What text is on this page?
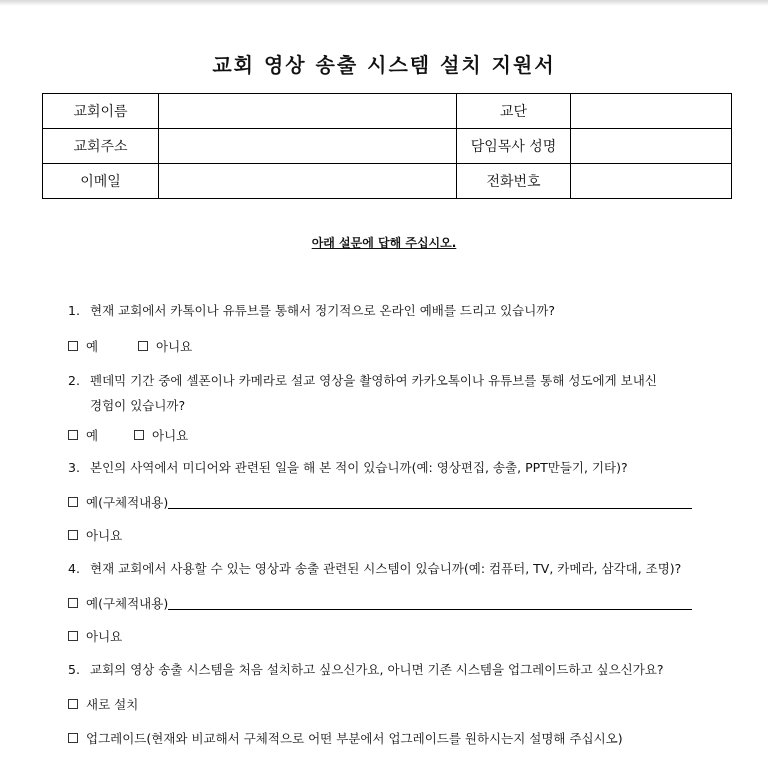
교회 영상 송출 시스템 설치 지원서
교회이름		교단	
교회주소		담임목사 성명	
이메일		전화번호	
아래 설문에 답해 주십시오.
1. 현재 교회에서 카톡이나 유튜브를 통해서 정기적으로 온라인 예배를 드리고 있습니까?
예	아니요
2. 펜데믹 기간 중에 셀폰이나 카메라로 설교 영상을 촬영하여 카카오톡이나 유튜브를 통해 성도에게 보내신
경험이 있습니까?
예	아니요
3. 본인의 사역에서 미디어와 관련된 일을 해 본 적이 있습니까(예: 영상편집, 송출, PPT만들기, 기타)?
예(구체적내용)
아니요
4. 현재 교회에서 사용할 수 있는 영상과 송출 관련된 시스템이 있습니까(예: 컴퓨터, TV, 카메라, 삼각대, 조명)?
예(구체적내용)
아니요
5. 교회의 영상 송출 시스템을 처음 설치하고 싶으신가요, 아니면 기존 시스템을 업그레이드하고 싶으신가요?
새로 설치
업그레이드(현재와 비교해서 구체적으로 어떤 부분에서 업그레이드를 원하시는지 설명해 주십시오)
